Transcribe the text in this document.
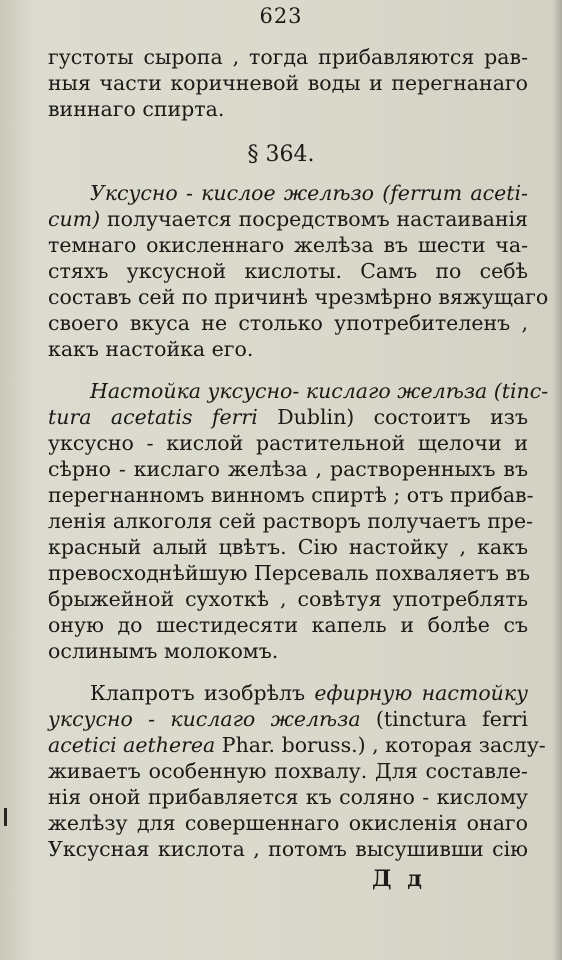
623
густоты сыропа , тогда прибавляются рав-
ныя части коричневой воды и перегнанаго
виннаго спирта.
§ 364.
Уксусно - кислое желѣзо (ferrum aceti-
cum) получается посредствомъ настаиванія
темнаго окисленнаго желѣза въ шести ча-
стяхъ уксусной кислоты. Самъ по себѣ
составъ сей по причинѣ чрезмѣрно вяжущаго
своего вкуса не столько употребителенъ ,
какъ настойка его.
Настойка уксусно- кислаго желѣза (tinc-
tura acetatis ferri Dublin) состоитъ изъ
уксусно - кислой растительной щелочи и
сѣрно - кислаго желѣза , растворенныхъ въ
перегнанномъ винномъ спиртѣ ; отъ прибав-
ленія алкоголя сей растворъ получаетъ пре-
красный алый цвѣтъ. Сію настойку , какъ
превосходнѣйшую Персеваль похваляетъ въ
брыжейной сухоткѣ , совѣтуя употреблять
оную до шестидесяти капель и болѣе съ
ослинымъ молокомъ.
Клапротъ изобрѣлъ ефирную настойку
уксусно - кислаго желѣза (tinctura ferri
acetici aetherea Phar. boruss.) , которая заслу-
живаетъ особенную похвалу. Для составле-
нія оной прибавляется къ соляно - кислому
желѣзу для совершеннаго окисленія онаго
Уксусная кислота , потомъ высушивши сію
Д д
